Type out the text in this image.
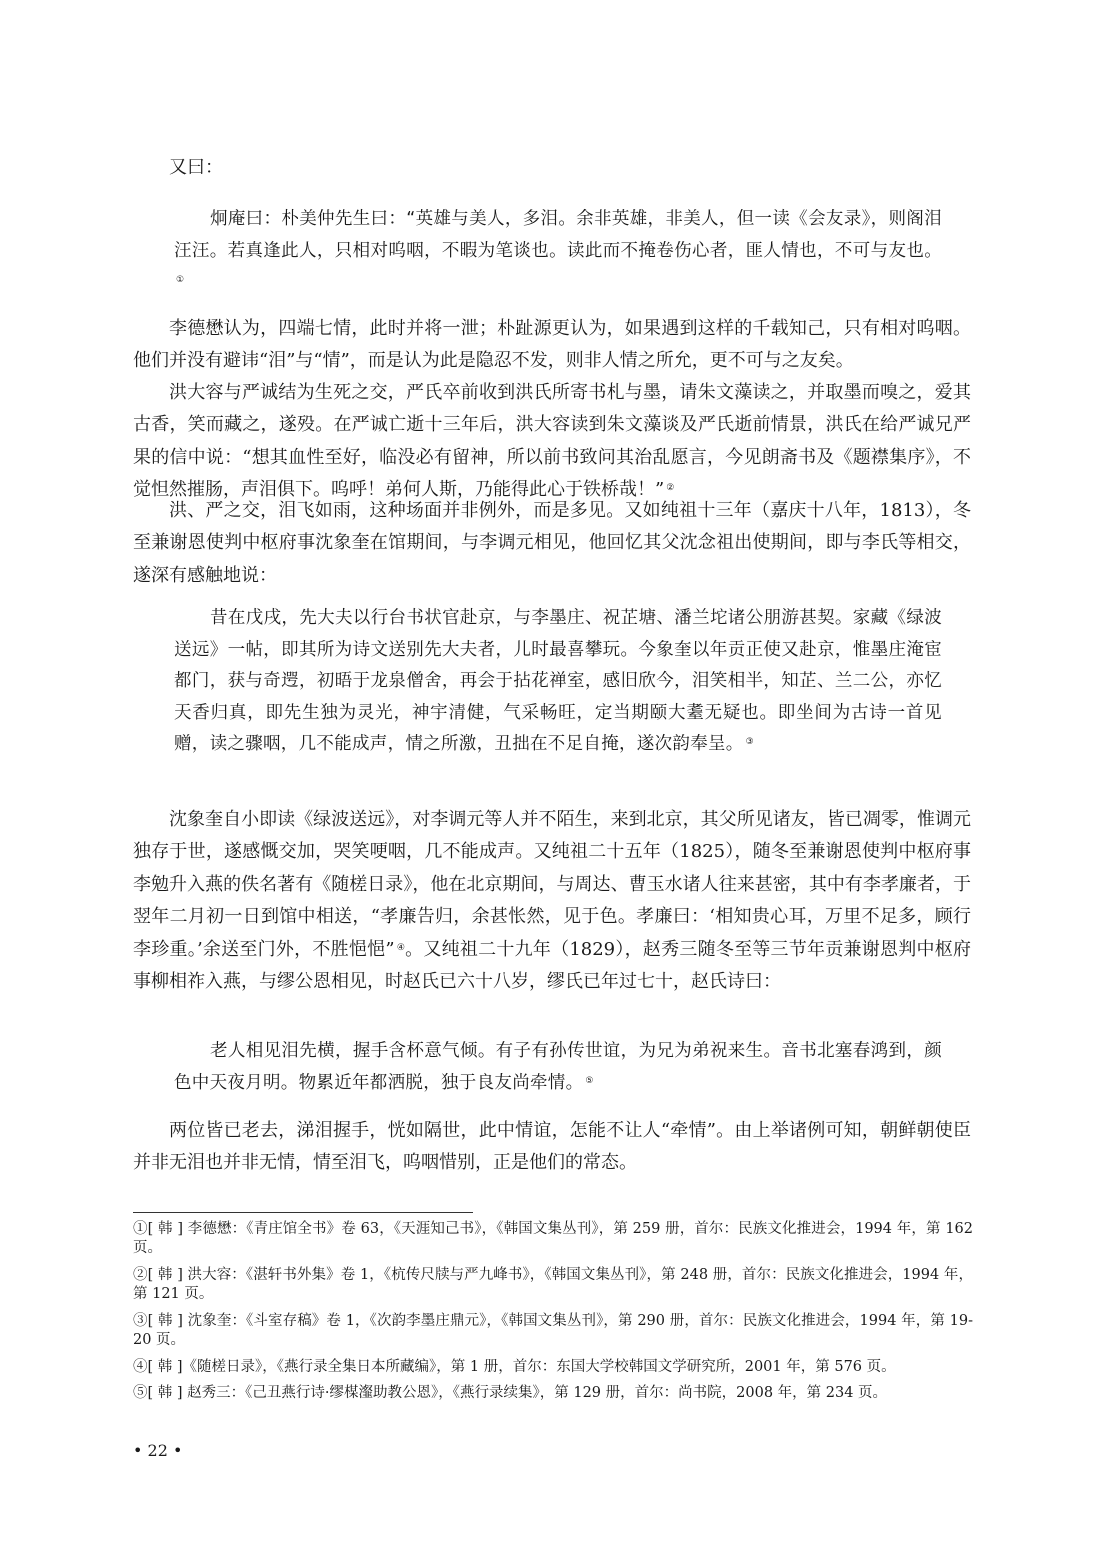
又曰：

炯庵曰：朴美仲先生曰：“英雄与美人，多泪。余非英雄，非美人，但一读《会友录》，则阁泪汪汪。若真逢此人，只相对呜咽，不暇为笔谈也。读此而不掩卷伤心者，匪人情也，不可与友也。①

李德懋认为，四端七情，此时并将一泄；朴趾源更认为，如果遇到这样的千载知己，只有相对呜咽。他们并没有避讳“泪”与“情”，而是认为此是隐忍不发，则非人情之所允，更不可与之友矣。

洪大容与严诚结为生死之交，严氏卒前收到洪氏所寄书札与墨，请朱文藻读之，并取墨而嗅之，爱其古香，笑而藏之，遂殁。在严诚亡逝十三年后，洪大容读到朱文藻谈及严氏逝前情景，洪氏在给严诚兄严果的信中说：“想其血性至好，临没必有留神，所以前书致问其治乱愿言，今见朗斋书及《题襟集序》，不觉怛然摧肠，声泪俱下。呜呼！弟何人斯，乃能得此心于铁桥哉！” ②

洪、严之交，泪飞如雨，这种场面并非例外，而是多见。又如纯祖十三年（嘉庆十八年，1813），冬至兼谢恩使判中枢府事沈象奎在馆期间，与李调元相见，他回忆其父沈念祖出使期间，即与李氏等相交，遂深有感触地说：

昔在戊戌，先大夫以行台书状官赴京，与李墨庄、祝芷塘、潘兰坨诸公朋游甚契。家藏《绿波送远》一帖，即其所为诗文送别先大夫者，儿时最喜攀玩。今象奎以年贡正使又赴京，惟墨庄淹宦都门，获与奇遌，初晤于龙泉僧舍，再会于拈花禅室，感旧欣今，泪笑相半，知芷、兰二公，亦忆天香归真，即先生独为灵光，神宇清健，气采畅旺，定当期颐大耋无疑也。即坐间为古诗一首见赠，读之骤咽，几不能成声，情之所激，丑拙在不足自掩，遂次韵奉呈。 ③

沈象奎自小即读《绿波送远》，对李调元等人并不陌生，来到北京，其父所见诸友，皆已凋零，惟调元独存于世，遂感慨交加，哭笑哽咽，几不能成声。又纯祖二十五年（1825），随冬至兼谢恩使判中枢府事李勉升入燕的佚名著有《随槎日录》，他在北京期间，与周达、曹玉水诸人往来甚密，其中有李孝廉者，于翌年二月初一日到馆中相送，“孝廉告归，余甚怅然，见于色。孝廉曰：‘相知贵心耳，万里不足多，顾行李珍重。’余送至门外，不胜悒悒” ④。又纯祖二十九年（1829），赵秀三随冬至等三节年贡兼谢恩判中枢府事柳相祚入燕，与缪公恩相见，时赵氏已六十八岁，缪氏已年过七十，赵氏诗曰：

老人相见泪先横，握手含杯意气倾。有子有孙传世谊，为兄为弟祝来生。音书北塞春鸿到，颜色中天夜月明。物累近年都洒脱，独于良友尚牵情。 ⑤

两位皆已老去，涕泪握手，恍如隔世，此中情谊，怎能不让人“牵情”。由上举诸例可知，朝鲜朝使臣并非无泪也并非无情，情至泪飞，呜咽惜别，正是他们的常态。

①[ 韩 ] 李德懋：《青庄馆全书》卷 63，《天涯知己书》，《韩国文集丛刊》，第 259 册，首尔：民族文化推进会，1994 年，第 162 页。

②[ 韩 ] 洪大容：《湛轩书外集》卷 1，《杭传尺牍与严九峰书》，《韩国文集丛刊》，第 248 册，首尔：民族文化推进会，1994 年，第 121 页。

③[ 韩 ] 沈象奎：《斗室存稿》卷 1，《次韵李墨庄鼎元》，《韩国文集丛刊》，第 290 册，首尔：民族文化推进会，1994 年，第 19-20 页。

④[ 韩 ]《随槎日录》，《燕行录全集日本所藏编》，第 1 册，首尔：东国大学校韩国文学研究所，2001 年，第 576 页。

⑤[ 韩 ] 赵秀三：《己丑燕行诗·缪楳瀣助教公恩》，《燕行录续集》，第 129 册，首尔：尚书院，2008 年，第 234 页。

• 22 •
